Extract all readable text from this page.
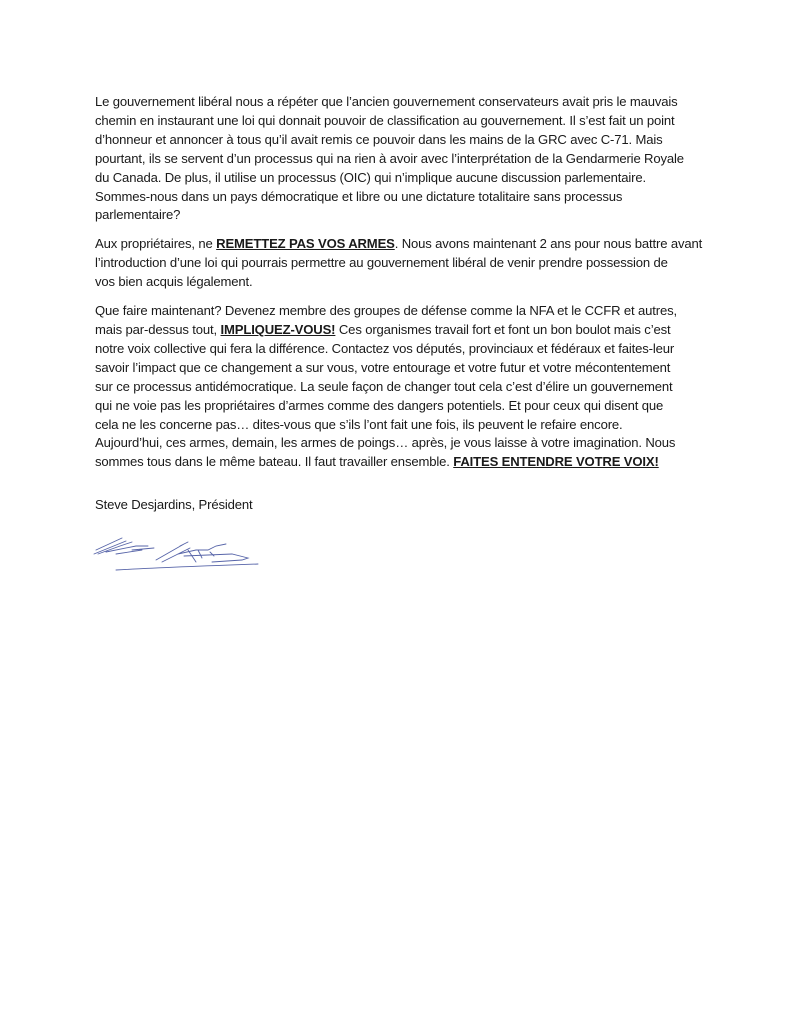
Le gouvernement libéral nous a répéter que l’ancien gouvernement conservateurs avait pris le mauvais
chemin en instaurant une loi qui donnait pouvoir de classification au gouvernement. Il s’est fait un point
d’honneur et annoncer à tous qu’il avait remis ce pouvoir dans les mains de la GRC avec C-71. Mais
pourtant, ils se servent d’un processus qui na rien à avoir avec l’interprétation de la Gendarmerie Royale
du Canada. De plus, il utilise un processus (OIC) qui n’implique aucune discussion parlementaire.
Sommes-nous dans un pays démocratique et libre ou une dictature totalitaire sans processus
parlementaire?

Aux propriétaires, ne REMETTEZ PAS VOS ARMES. Nous avons maintenant 2 ans pour nous battre avant
l’introduction d’une loi qui pourrais permettre au gouvernement libéral de venir prendre possession de
vos bien acquis légalement.

Que faire maintenant? Devenez membre des groupes de défense comme la NFA et le CCFR et autres,
mais par-dessus tout, IMPLIQUEZ-VOUS! Ces organismes travail fort et font un bon boulot mais c’est
notre voix collective qui fera la différence. Contactez vos députés, provinciaux et fédéraux et faites-leur
savoir l’impact que ce changement a sur vous, votre entourage et votre futur et votre mécontentement
sur ce processus antidémocratique. La seule façon de changer tout cela c’est d’élire un gouvernement
qui ne voie pas les propriétaires d’armes comme des dangers potentiels. Et pour ceux qui disent que
cela ne les concerne pas… dites-vous que s’ils l’ont fait une fois, ils peuvent le refaire encore.
Aujourd’hui, ces armes, demain, les armes de poings… après, je vous laisse à votre imagination. Nous
sommes tous dans le même bateau. Il faut travailler ensemble. FAITES ENTENDRE VOTRE VOIX!

Steve Desjardins, Président
